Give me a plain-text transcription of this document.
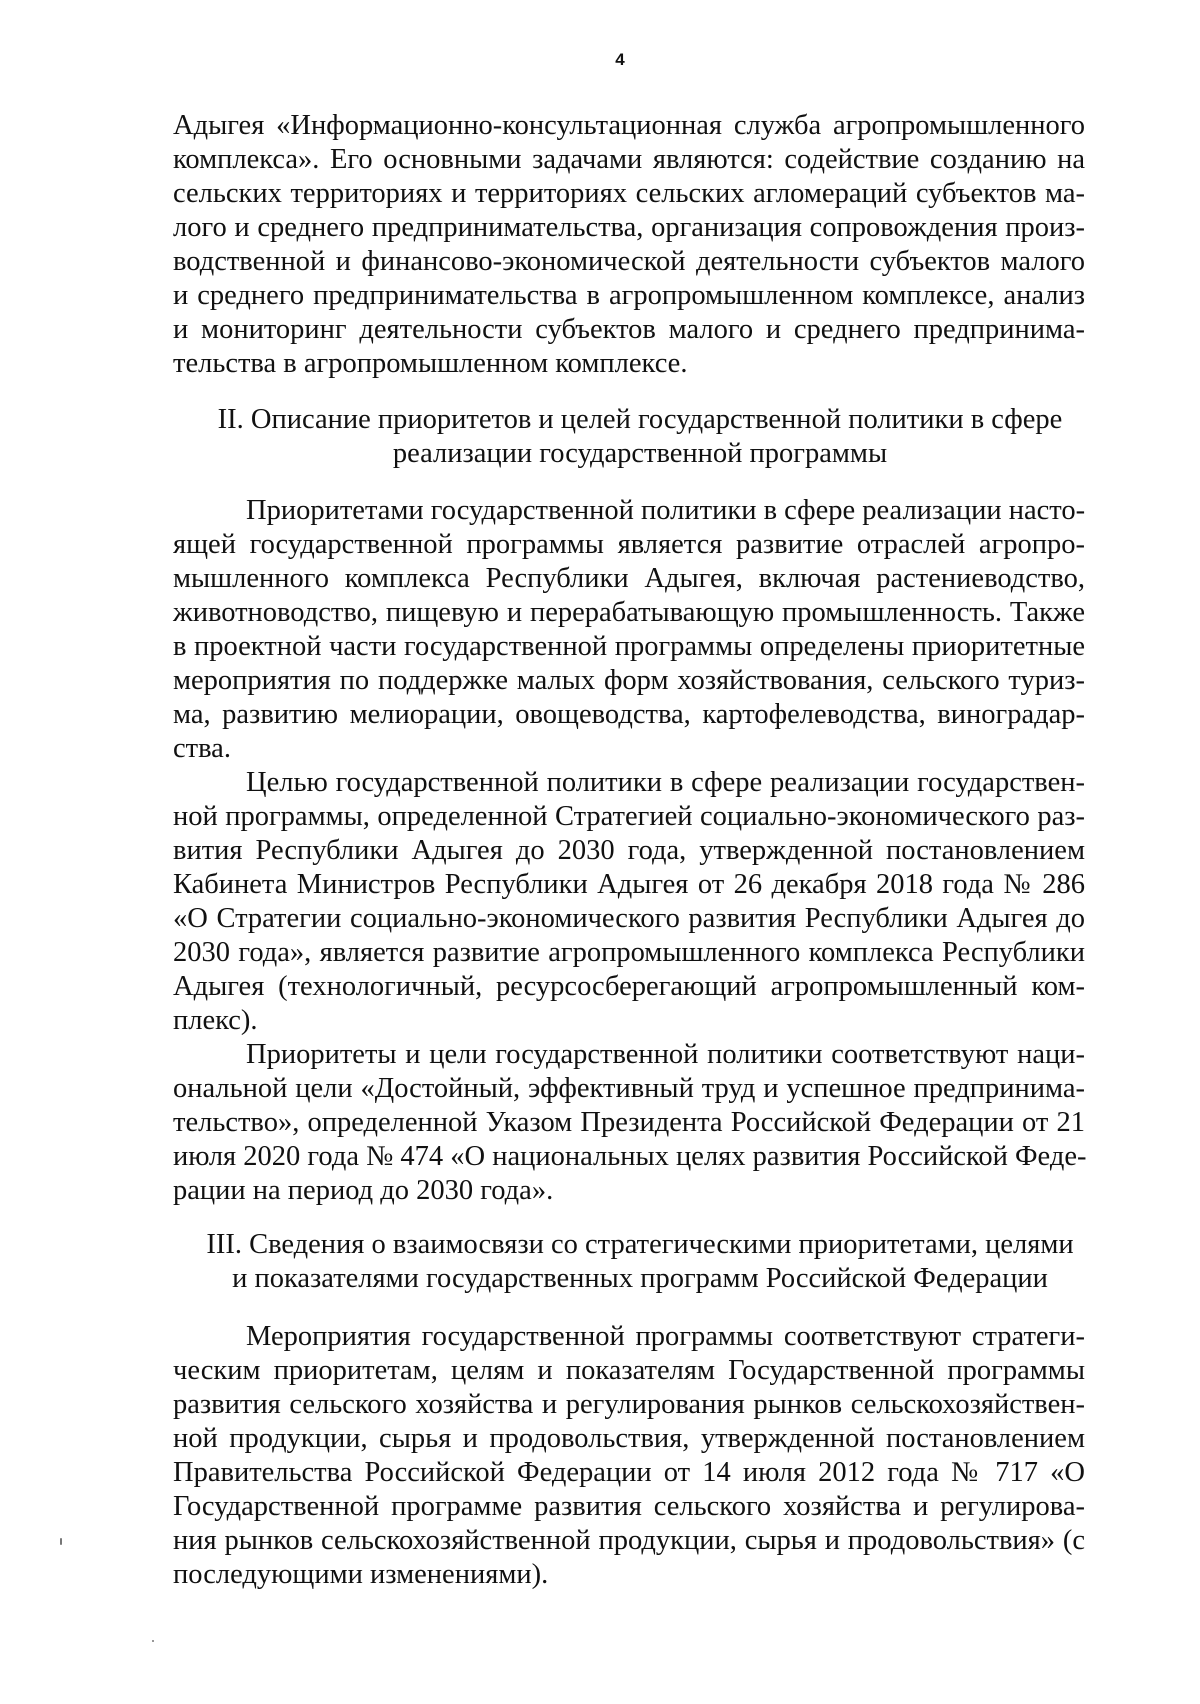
4
Адыгея «Информационно-консультационная служба агропромышленного
комплекса». Его основными задачами являются: содействие созданию на
сельских территориях и территориях сельских агломераций субъектов ма-
лого и среднего предпринимательства, организация сопровождения произ-
водственной и финансово-экономической деятельности субъектов малого
и среднего предпринимательства в агропромышленном комплексе, анализ
и мониторинг деятельности субъектов малого и среднего предпринима-
тельства в агропромышленном комплексе.
II. Описание приоритетов и целей государственной политики в сфере
реализации государственной программы
Приоритетами государственной политики в сфере реализации насто-
ящей государственной программы является развитие отраслей агропро-
мышленного комплекса Республики Адыгея, включая растениеводство,
животноводство, пищевую и перерабатывающую промышленность. Также
в проектной части государственной программы определены приоритетные
мероприятия по поддержке малых форм хозяйствования, сельского туриз-
ма, развитию мелиорации, овощеводства, картофелеводства, виноградар-
ства.
Целью государственной политики в сфере реализации государствен-
ной программы, определенной Стратегией социально-экономического раз-
вития Республики Адыгея до 2030 года, утвержденной постановлением
Кабинета Министров Республики Адыгея от 26 декабря 2018 года № 286
«О Стратегии социально-экономического развития Республики Адыгея до
2030 года», является развитие агропромышленного комплекса Республики
Адыгея (технологичный, ресурсосберегающий агропромышленный ком-
плекс).
Приоритеты и цели государственной политики соответствуют наци-
ональной цели «Достойный, эффективный труд и успешное предпринима-
тельство», определенной Указом Президента Российской Федерации от 21
июля 2020 года № 474 «О национальных целях развития Российской Феде-
рации на период до 2030 года».
III. Сведения о взаимосвязи со стратегическими приоритетами, целями
и показателями государственных программ Российской Федерации
Мероприятия государственной программы соответствуют стратеги-
ческим приоритетам, целям и показателям Государственной программы
развития сельского хозяйства и регулирования рынков сельскохозяйствен-
ной продукции, сырья и продовольствия, утвержденной постановлением
Правительства Российской Федерации от 14 июля 2012 года № 717 «О
Государственной программе развития сельского хозяйства и регулирова-
ния рынков сельскохозяйственной продукции, сырья и продовольствия» (с
последующими изменениями).
